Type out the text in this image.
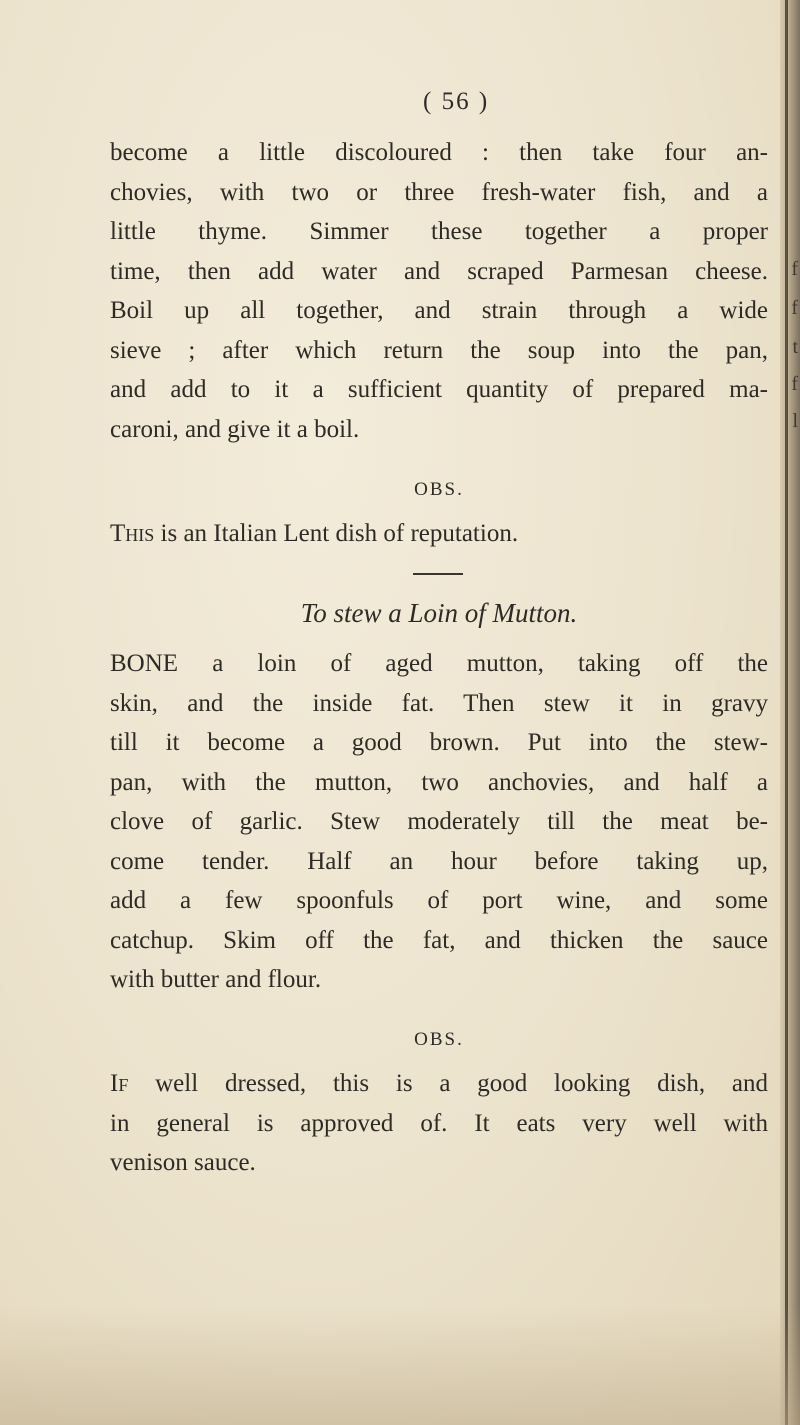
f
f
t
f
l
( 56 )
become a little discoloured : then take four an-
chovies, with two or three fresh-water fish, and a
little thyme. Simmer these together a proper
time, then add water and scraped Parmesan cheese.
Boil up all together, and strain through a wide
sieve ; after which return the soup into the pan,
and add to it a sufficient quantity of prepared ma-
caroni, and give it a boil.
OBS.
This is an Italian Lent dish of reputation.
To stew a Loin of Mutton.
BONE a loin of aged mutton, taking off the
skin, and the inside fat. Then stew it in gravy
till it become a good brown. Put into the stew-
pan, with the mutton, two anchovies, and half a
clove of garlic. Stew moderately till the meat be-
come tender. Half an hour before taking up,
add a few spoonfuls of port wine, and some
catchup. Skim off the fat, and thicken the sauce
with butter and flour.
OBS.
If well dressed, this is a good looking dish, and
in general is approved of. It eats very well with
venison sauce.
